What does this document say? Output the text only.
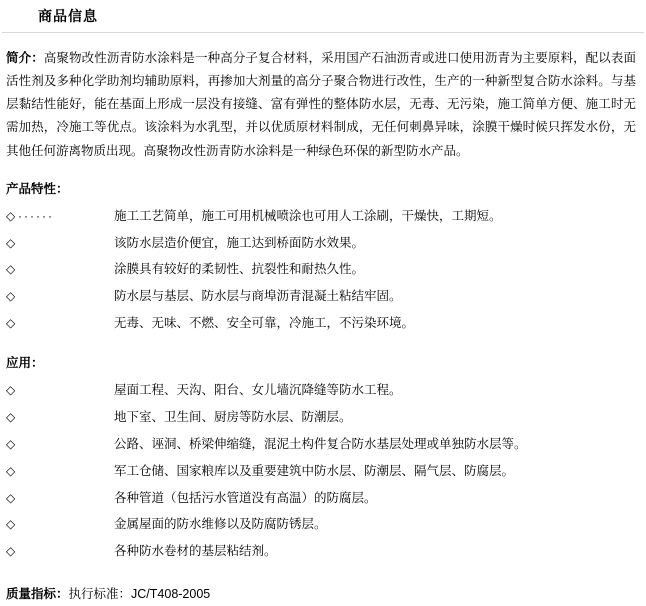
商品信息

简介：高聚物改性沥青防水涂料是一种高分子复合材料，采用国产石油沥青或进口使用沥青为主要原料，配以表面活性剂及多种化学助剂均辅助原料，再掺加大剂量的高分子聚合物进行改性，生产的一种新型复合防水涂料。与基层黏结性能好，能在基面上形成一层没有接缝、富有弹性的整体防水层，无毒、无污染，施工简单方便、施工时无需加热，冷施工等优点。该涂料为水乳型，并以优质原材料制成，无任何刺鼻异味，涂膜干燥时候只挥发水份，无其他任何游离物质出现。高聚物改性沥青防水涂料是一种绿色环保的新型防水产品。

产品特性：
◇ ······	施工工艺简单，施工可用机械喷涂也可用人工涂刷，干燥快，工期短。
◇	该防水层造价便宜，施工达到桥面防水效果。
◇	涂膜具有较好的柔韧性、抗裂性和耐热久性。
◇	防水层与基层、防水层与商埠沥青混凝土粘结牢固。
◇	无毒、无味、不燃、安全可靠，冷施工，不污染环境。
应用：
◇	屋面工程、天沟、阳台、女儿墙沉降缝等防水工程。
◇	地下室、卫生间、厨房等防水层、防潮层。
◇	公路、诬洞、桥梁伸缩缝，混泥土构件复合防水基层处理或单独防水层等。
◇	军工仓储、国家粮库以及重要建筑中防水层、防潮层、隔气层、防腐层。
◇	各种管道（包括污水管道没有高温）的防腐层。
◇	金属屋面的防水维修以及防腐防锈层。
◇	各种防水卷材的基层粘结剂。
质量指标：执行标准：JC/T408-2005
